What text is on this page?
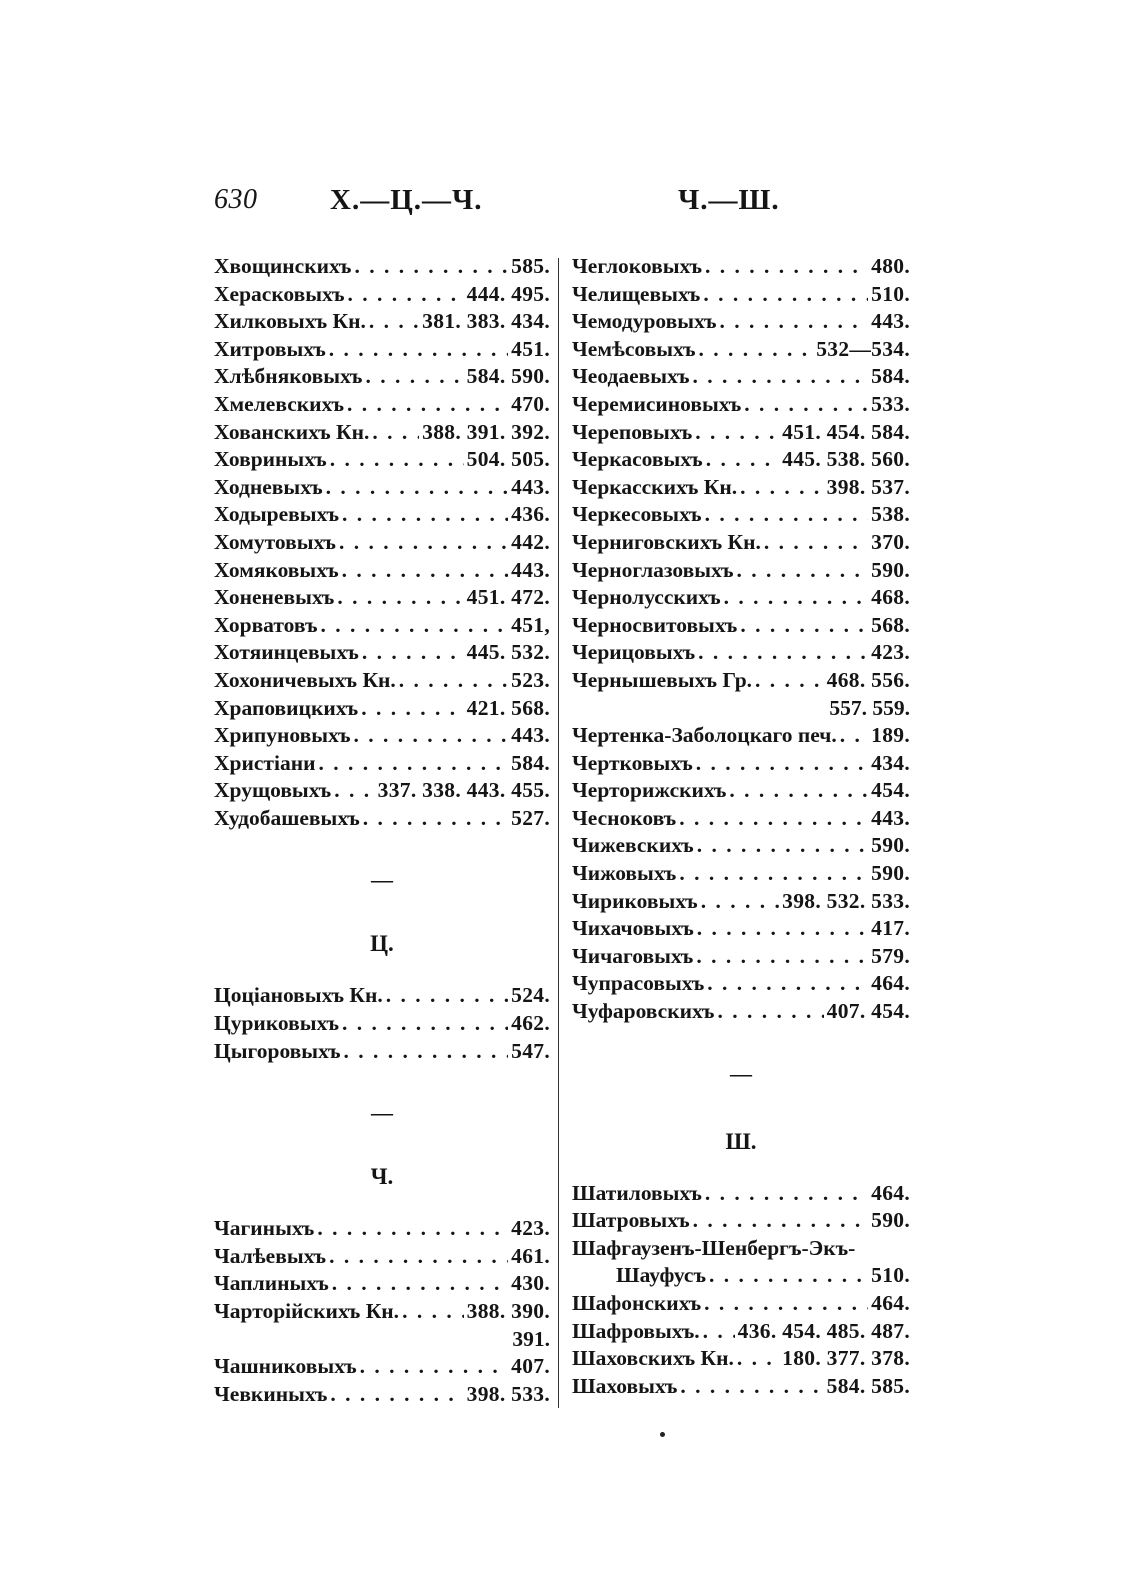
630	Х.—Ц.—Ч.	Ч.—Ш.
Хвощинскихъ . . .	585.
Херасковыхъ . . .	444. 495.
Хилковыхъ Кн. . . .	381. 383. 434.
Хитровыхъ . . .	451.
Хлѣбняковыхъ . . .	584. 590.
Хмелевскихъ . . .	470.
Хованскихъ Кн. . . . 388. 391. 392.
Ховриныхъ . . .	504. 505.
Ходневыхъ . . .	443.
Ходыревыхъ . . .	436.
Хомутовыхъ . . .	442.
Хомяковыхъ . . .	443.
Хоненевыхъ . . .	451. 472.
Хорватовъ . . .	451,
Хотяинцевыхъ . . .	445. 532.
Хохоничевыхъ Кн. . . .	523.
Храповицкихъ . . .	421. 568.
Хрипуновыхъ . . .	443.
Христіани . . .	584.
Хрущовыхъ . . . 337. 338. 443. 455.
Худобашевыхъ . . .	527.
—
Ц.
Цоціановыхъ Кн. . . .	524.
Цуриковыхъ . . .	462.
Цыгоровыхъ . . .	547.
—
Ч.
Чагиныхъ . . .	423.
Чалѣевыхъ . . .	461.
Чаплиныхъ . . .	430.
Чарторійскихъ Кн. . . .	388. 390.
391.
Чашниковыхъ . . .	407.
Чевкиныхъ . . .	398. 533.
Чеглоковыхъ . . .	480.
Челищевыхъ . . .	510.
Чемодуровыхъ . . .	443.
Чемѣсовыхъ . . .	532—534.
Чеодаевыхъ . . .	584.
Черемисиновыхъ . . .	533.
Череповыхъ . . .	451. 454. 584.
Черкасовыхъ . . .	445. 538. 560.
Черкасскихъ Кн. . . .	398. 537.
Черкесовыхъ . . .	538.
Черниговскихъ Кн. . . .	370.
Черноглазовыхъ . . .	590.
Чернолусскихъ . . .	468.
Черносвитовыхъ . . .	568.
Черицовыхъ . . .	423.
Чернышевыхъ Гр. . . .	468. 556.
557. 559.
Чертенка-Заболоцкаго печ. . . . 189.
Чертковыхъ . . .	434.
Черторижскихъ . . .	454.
Чесноковъ . . .	443.
Чижевскихъ . . .	590.
Чижовыхъ . . .	590.
Чириковыхъ . . .	398. 532. 533.
Чихачовыхъ . . .	417.
Чичаговыхъ . . .	579.
Чупрасовыхъ . . .	464.
Чуфаровскихъ . . .	407. 454.
—
Ш.
Шатиловыхъ . . .	464.
Шатровыхъ . . .	590.
Шафгаузенъ-Шенбергъ-Экъ-
Шауфусъ . . .	510.
Шафонскихъ . . .	464.
Шафровыхъ. . . . 436. 454. 485. 487.
Шаховскихъ Кн. . . . 180. 377. 378.
Шаховыхъ . . .	584. 585.
